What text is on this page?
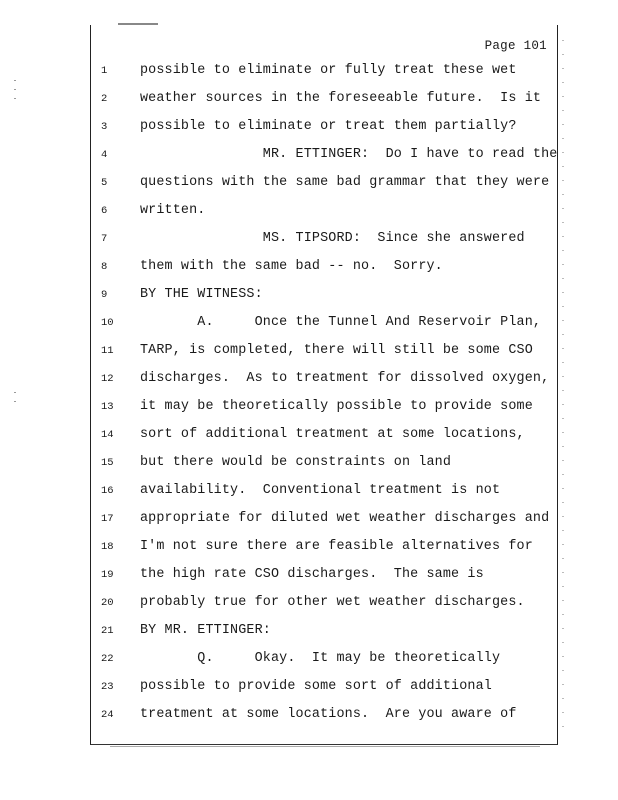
Page 101
1	possible to eliminate or fully treat these wet
2	weather sources in the foreseeable future.  Is it
3	possible to eliminate or treat them partially?
4	MR. ETTINGER:  Do I have to read the
5	questions with the same bad grammar that they were
6	written.
7	MS. TIPSORD:  Since she answered
8	them with the same bad -- no.  Sorry.
9	BY THE WITNESS:
10	A.     Once the Tunnel And Reservoir Plan,
11	TARP, is completed, there will still be some CSO
12	discharges.  As to treatment for dissolved oxygen,
13	it may be theoretically possible to provide some
14	sort of additional treatment at some locations,
15	but there would be constraints on land
16	availability.  Conventional treatment is not
17	appropriate for diluted wet weather discharges and
18	I'm not sure there are feasible alternatives for
19	the high rate CSO discharges.  The same is
20	probably true for other wet weather discharges.
21	BY MR. ETTINGER:
22	Q.     Okay.  It may be theoretically
23	possible to provide some sort of additional
24	treatment at some locations.  Are you aware of
